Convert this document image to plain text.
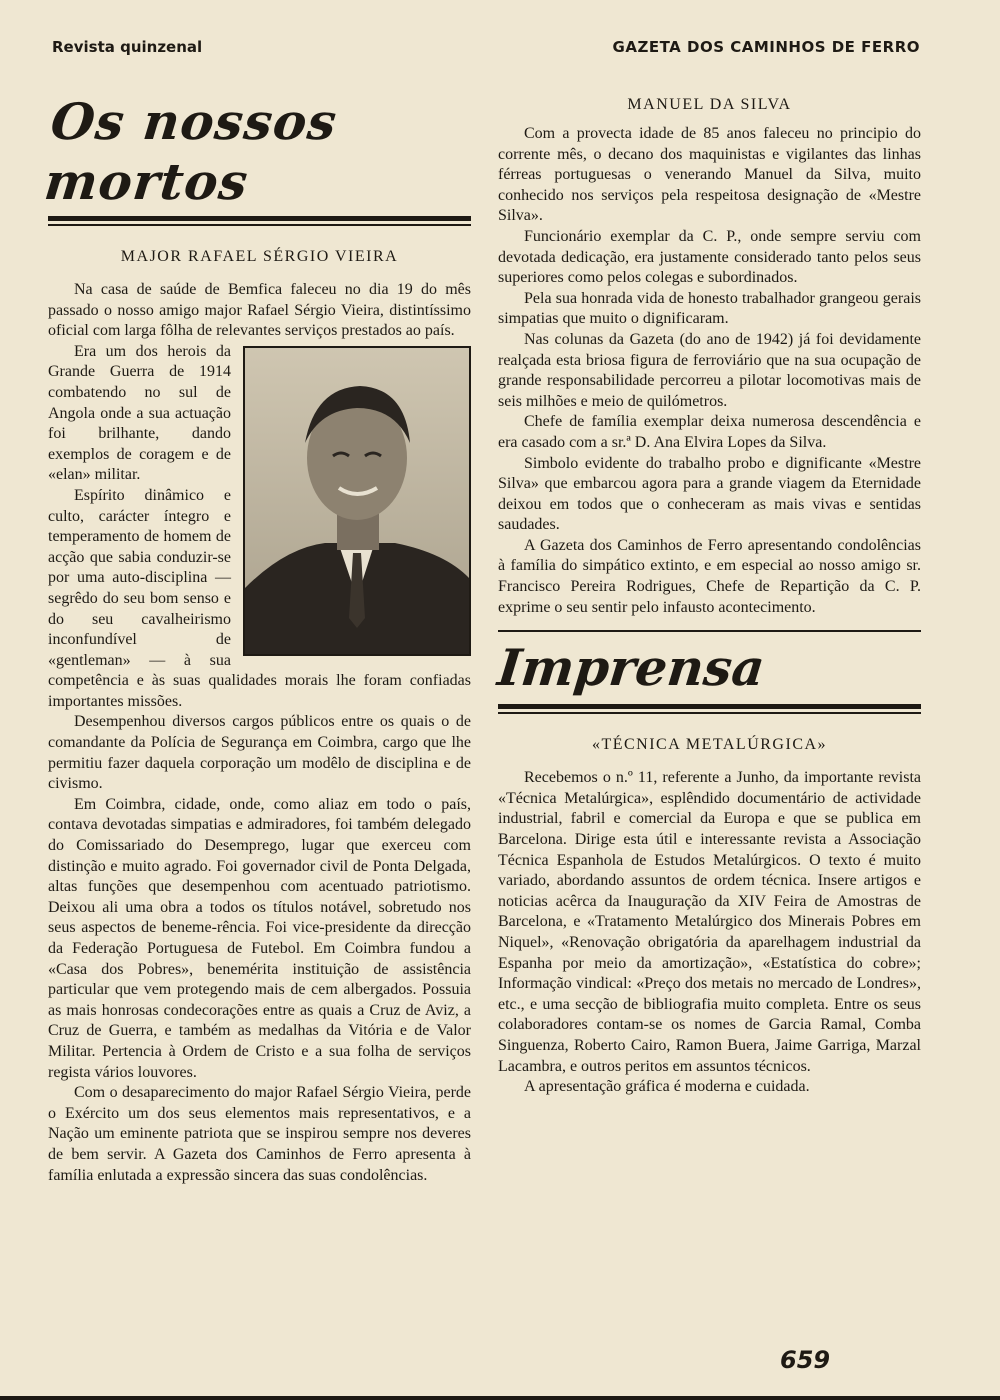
Revista quinzenal	GAZETA DOS CAMINHOS DE FERRO
Os nossos mortos
MAJOR RAFAEL SÉRGIO VIEIRA

Na casa de saúde de Bemfica faleceu no dia 19 do mês passado o nosso amigo major Rafael Sérgio Vieira, distintíssimo oficial com larga fôlha de relevantes serviços prestados ao país.

Era um dos herois da Grande Guerra de 1914 combatendo no sul de Angola onde a sua actuação foi brilhante, dando exemplos de coragem e de «elan» militar.

Espírito dinâmico e culto, carácter íntegro e temperamento de homem de acção que sabia conduzir-se por uma auto-disciplina —segrêdo do seu bom senso e do seu cavalheirismo inconfundível de «gentleman» — à sua competência e às suas qualidades morais lhe foram confiadas importantes missões.

Desempenhou diversos cargos públicos entre os quais o de comandante da Polícia de Segurança em Coimbra, cargo que lhe permitiu fazer daquela corporação um modêlo de disciplina e de civismo.

Em Coimbra, cidade, onde, como aliaz em todo o país, contava devotadas simpatias e admiradores, foi também delegado do Comissariado do Desemprego, lugar que exerceu com distinção e muito agrado. Foi governador civil de Ponta Delgada, altas funções que desempenhou com acentuado patriotismo. Deixou ali uma obra a todos os títulos notável, sobretudo nos seus aspectos de beneme-rência. Foi vice-presidente da direcção da Federação Portuguesa de Futebol. Em Coimbra fundou a «Casa dos Pobres», benemérita instituição de assistência particular que vem protegendo mais de cem albergados. Possuia as mais honrosas condecorações entre as quais a Cruz de Aviz, a Cruz de Guerra, e também as medalhas da Vitória e de Valor Militar. Pertencia à Ordem de Cristo e a sua folha de serviços regista vários louvores.

Com o desaparecimento do major Rafael Sérgio Vieira, perde o Exército um dos seus elementos mais representativos, e a Nação um eminente patriota que se inspirou sempre nos deveres de bem servir. A Gazeta dos Caminhos de Ferro apresenta à família enlutada a expressão sincera das suas condolências.

MANUEL DA SILVA

Com a provecta idade de 85 anos faleceu no principio do corrente mês, o decano dos maquinistas e vigilantes das linhas férreas portuguesas o venerando Manuel da Silva, muito conhecido nos serviços pela respeitosa designação de «Mestre Silva».

Funcionário exemplar da C. P., onde sempre serviu com devotada dedicação, era justamente considerado tanto pelos seus superiores como pelos colegas e subordinados.

Pela sua honrada vida de honesto trabalhador grangeou gerais simpatias que muito o dignificaram.

Nas colunas da Gazeta (do ano de 1942) já foi devidamente realçada esta briosa figura de ferroviário que na sua ocupação de grande responsabilidade percorreu a pilotar locomotivas mais de seis milhões e meio de quilómetros.

Chefe de família exemplar deixa numerosa descendência e era casado com a sr.ª D. Ana Elvira Lopes da Silva.

Simbolo evidente do trabalho probo e dignificante «Mestre Silva» que embarcou agora para a grande viagem da Eternidade deixou em todos que o conheceram as mais vivas e sentidas saudades.

A Gazeta dos Caminhos de Ferro apresentando condolências à família do simpático extinto, e em especial ao nosso amigo sr. Francisco Pereira Rodrigues, Chefe de Repartição da C. P. exprime o seu sentir pelo infausto acontecimento.

Imprensa
«TÉCNICA METALÚRGICA»

Recebemos o n.º 11, referente a Junho, da importante revista «Técnica Metalúrgica», esplêndido documentário de actividade industrial, fabril e comercial da Europa e que se publica em Barcelona. Dirige esta útil e interessante revista a Associação Técnica Espanhola de Estudos Metalúrgicos. O texto é muito variado, abordando assuntos de ordem técnica. Insere artigos e noticias acêrca da Inauguração da XIV Feira de Amostras de Barcelona, e «Tratamento Metalúrgico dos Minerais Pobres em Niquel», «Renovação obrigatória da aparelhagem industrial da Espanha por meio da amortização», «Estatística do cobre»; Informação vindical: «Preço dos metais no mercado de Londres», etc., e uma secção de bibliografia muito completa. Entre os seus colaboradores contam-se os nomes de Garcia Ramal, Comba Singuenza, Roberto Cairo, Ramon Buera, Jaime Garriga, Marzal Lacambra, e outros peritos em assuntos técnicos.

A apresentação gráfica é moderna e cuidada.

659
